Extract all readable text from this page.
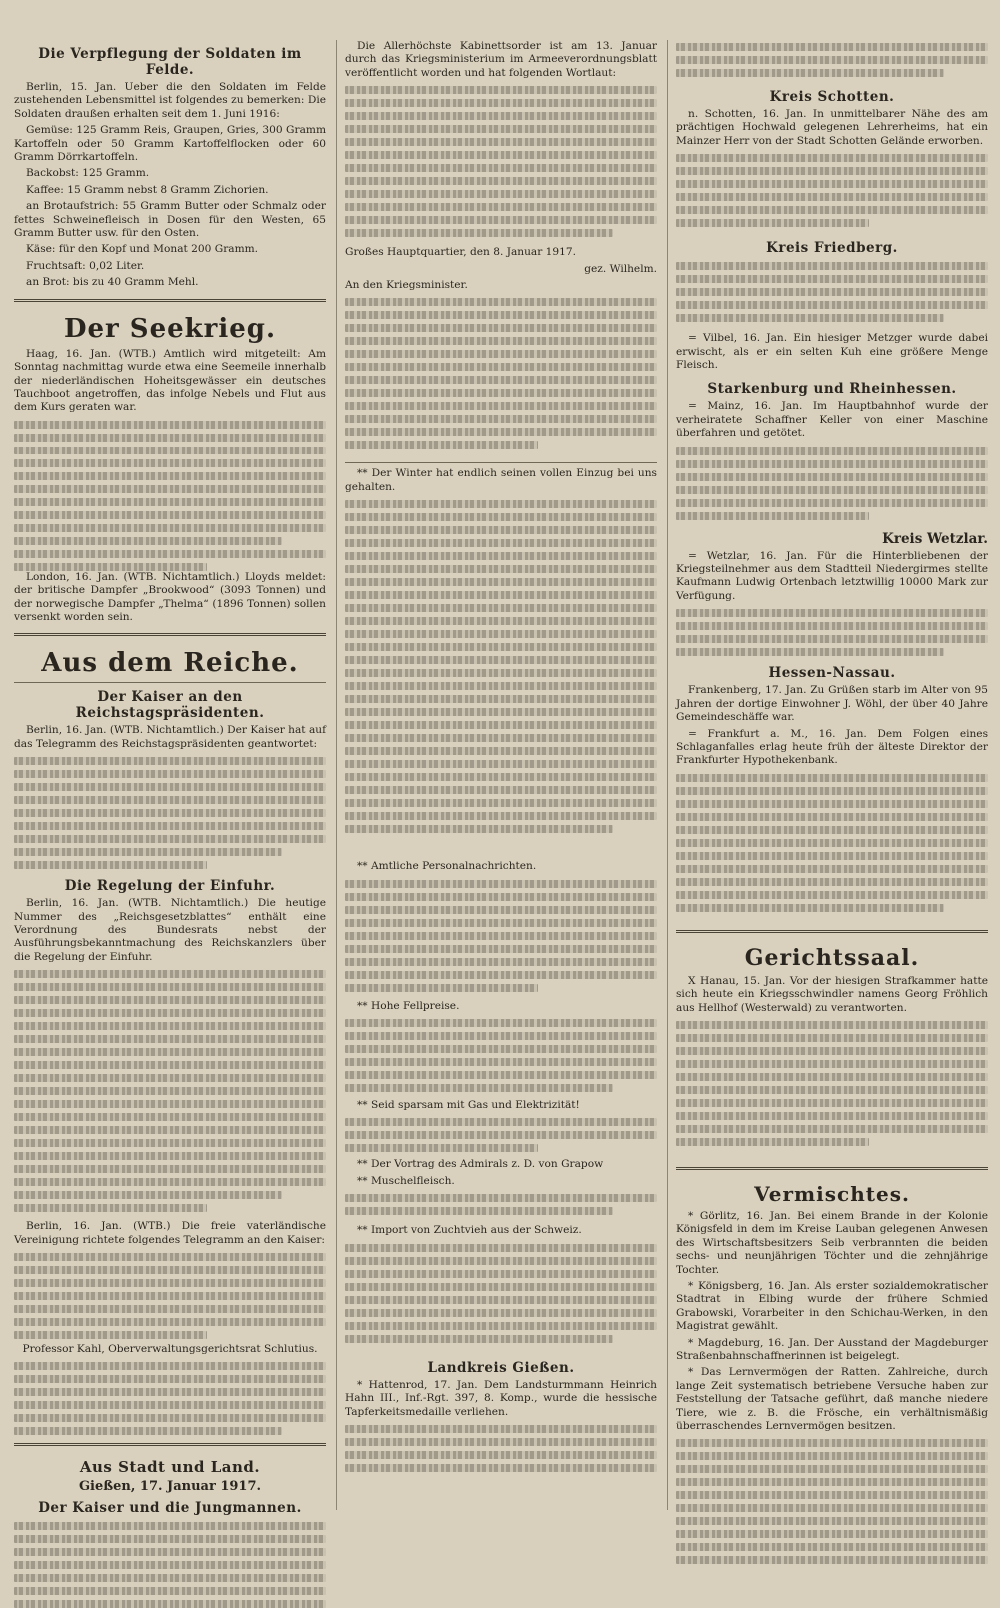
Die Verpflegung der Soldaten im Felde.

Berlin, 15. Jan. Ueber die den Soldaten im Felde zustehenden Lebensmittel ist folgendes zu bemerken: Die Soldaten draußen erhalten seit dem 1. Juni 1916:

Gemüse: 125 Gramm Reis, Graupen, Gries, 300 Gramm Kartoffeln oder 50 Gramm Kartoffelflocken oder 60 Gramm Dörrkartoffeln.

Backobst: 125 Gramm.

Kaffee: 15 Gramm nebst 8 Gramm Zichorien.

an Brotaufstrich: 55 Gramm Butter oder Schmalz oder fettes Schweinefleisch in Dosen für den Westen, 65 Gramm Butter usw. für den Osten.

Käse: für den Kopf und Monat 200 Gramm.

Fruchtsaft: 0,02 Liter.

an Brot: bis zu 40 Gramm Mehl.

Der Seekrieg.

Haag, 16. Jan. (WTB.) Amtlich wird mitgeteilt: Am Sonntag nachmittag wurde etwa eine Seemeile innerhalb der niederländischen Hoheitsgewässer ein deutsches Tauchboot angetroffen, das infolge Nebels und Flut aus dem Kurs geraten war.

London, 16. Jan. (WTB. Nichtamtlich.) Lloyds meldet: der britische Dampfer „Brookwood“ (3093 Tonnen) und der norwegische Dampfer „Thelma“ (1896 Tonnen) sollen versenkt worden sein.

Aus dem Reiche.
Der Kaiser an den Reichstagspräsidenten.

Berlin, 16. Jan. (WTB. Nichtamtlich.) Der Kaiser hat auf das Telegramm des Reichstagspräsidenten geantwortet:

Die Regelung der Einfuhr.

Berlin, 16. Jan. (WTB. Nichtamtlich.) Die heutige Nummer des „Reichsgesetzblattes“ enthält eine Verordnung des Bundesrats nebst der Ausführungsbekanntmachung des Reichskanzlers über die Regelung der Einfuhr.

Berlin, 16. Jan. (WTB.) Die freie vaterländische Vereinigung richtete folgendes Telegramm an den Kaiser:

Professor Kahl, Oberverwaltungsgerichtsrat Schlutius.

Aus Stadt und Land.
Gießen, 17. Januar 1917.
Der Kaiser und die Jungmannen.

Die Allerhöchste Kabinettsorder ist am 13. Januar durch das Kriegsministerium im Armeeverordnungsblatt veröffentlicht worden und hat folgenden Wortlaut:

Großes Hauptquartier, den 8. Januar 1917.

gez. Wilhelm.

An den Kriegsminister.

** Der Winter hat endlich seinen vollen Einzug bei uns gehalten.

** Amtliche Personalnachrichten.

** Hohe Fellpreise.

** Seid sparsam mit Gas und Elektrizität!

** Der Vortrag des Admirals z. D. von Grapow

** Muschelfleisch.

** Import von Zuchtvieh aus der Schweiz.

Landkreis Gießen.

* Hattenrod, 17. Jan. Dem Landsturmmann Heinrich Hahn III., Inf.-Rgt. 397, 8. Komp., wurde die hessische Tapferkeitsmedaille verliehen.

Kreis Schotten.

n. Schotten, 16. Jan. In unmittelbarer Nähe des am prächtigen Hochwald gelegenen Lehrerheims, hat ein Mainzer Herr von der Stadt Schotten Gelände erworben.

Kreis Friedberg.

= Vilbel, 16. Jan. Ein hiesiger Metzger wurde dabei erwischt, als er ein selten Kuh eine größere Menge Fleisch.

Starkenburg und Rheinhessen.

= Mainz, 16. Jan. Im Hauptbahnhof wurde der verheiratete Schaffner Keller von einer Maschine überfahren und getötet.

Kreis Wetzlar.

= Wetzlar, 16. Jan. Für die Hinterbliebenen der Kriegsteilnehmer aus dem Stadtteil Niedergirmes stellte Kaufmann Ludwig Ortenbach letztwillig 10000 Mark zur Verfügung.

Hessen-Nassau.

Frankenberg, 17. Jan. Zu Grüßen starb im Alter von 95 Jahren der dortige Einwohner J. Wöhl, der über 40 Jahre Gemeindeschäffe war.

= Frankfurt a. M., 16. Jan. Dem Folgen eines Schlaganfalles erlag heute früh der älteste Direktor der Frankfurter Hypothekenbank.

Gerichtssaal.

X Hanau, 15. Jan. Vor der hiesigen Strafkammer hatte sich heute ein Kriegsschwindler namens Georg Fröhlich aus Hellhof (Westerwald) zu verantworten.

Vermischtes.

* Görlitz, 16. Jan. Bei einem Brande in der Kolonie Königsfeld in dem im Kreise Lauban gelegenen Anwesen des Wirtschaftsbesitzers Seib verbrannten die beiden sechs- und neunjährigen Töchter und die zehnjährige Tochter.

* Königsberg, 16. Jan. Als erster sozialdemokratischer Stadtrat in Elbing wurde der frühere Schmied Grabowski, Vorarbeiter in den Schichau-Werken, in den Magistrat gewählt.

* Magdeburg, 16. Jan. Der Ausstand der Magdeburger Straßenbahnschaffnerinnen ist beigelegt.

* Das Lernvermögen der Ratten. Zahlreiche, durch lange Zeit systematisch betriebene Versuche haben zur Feststellung der Tatsache geführt, daß manche niedere Tiere, wie z. B. die Frösche, ein verhältnismäßig überraschendes Lernvermögen besitzen.
